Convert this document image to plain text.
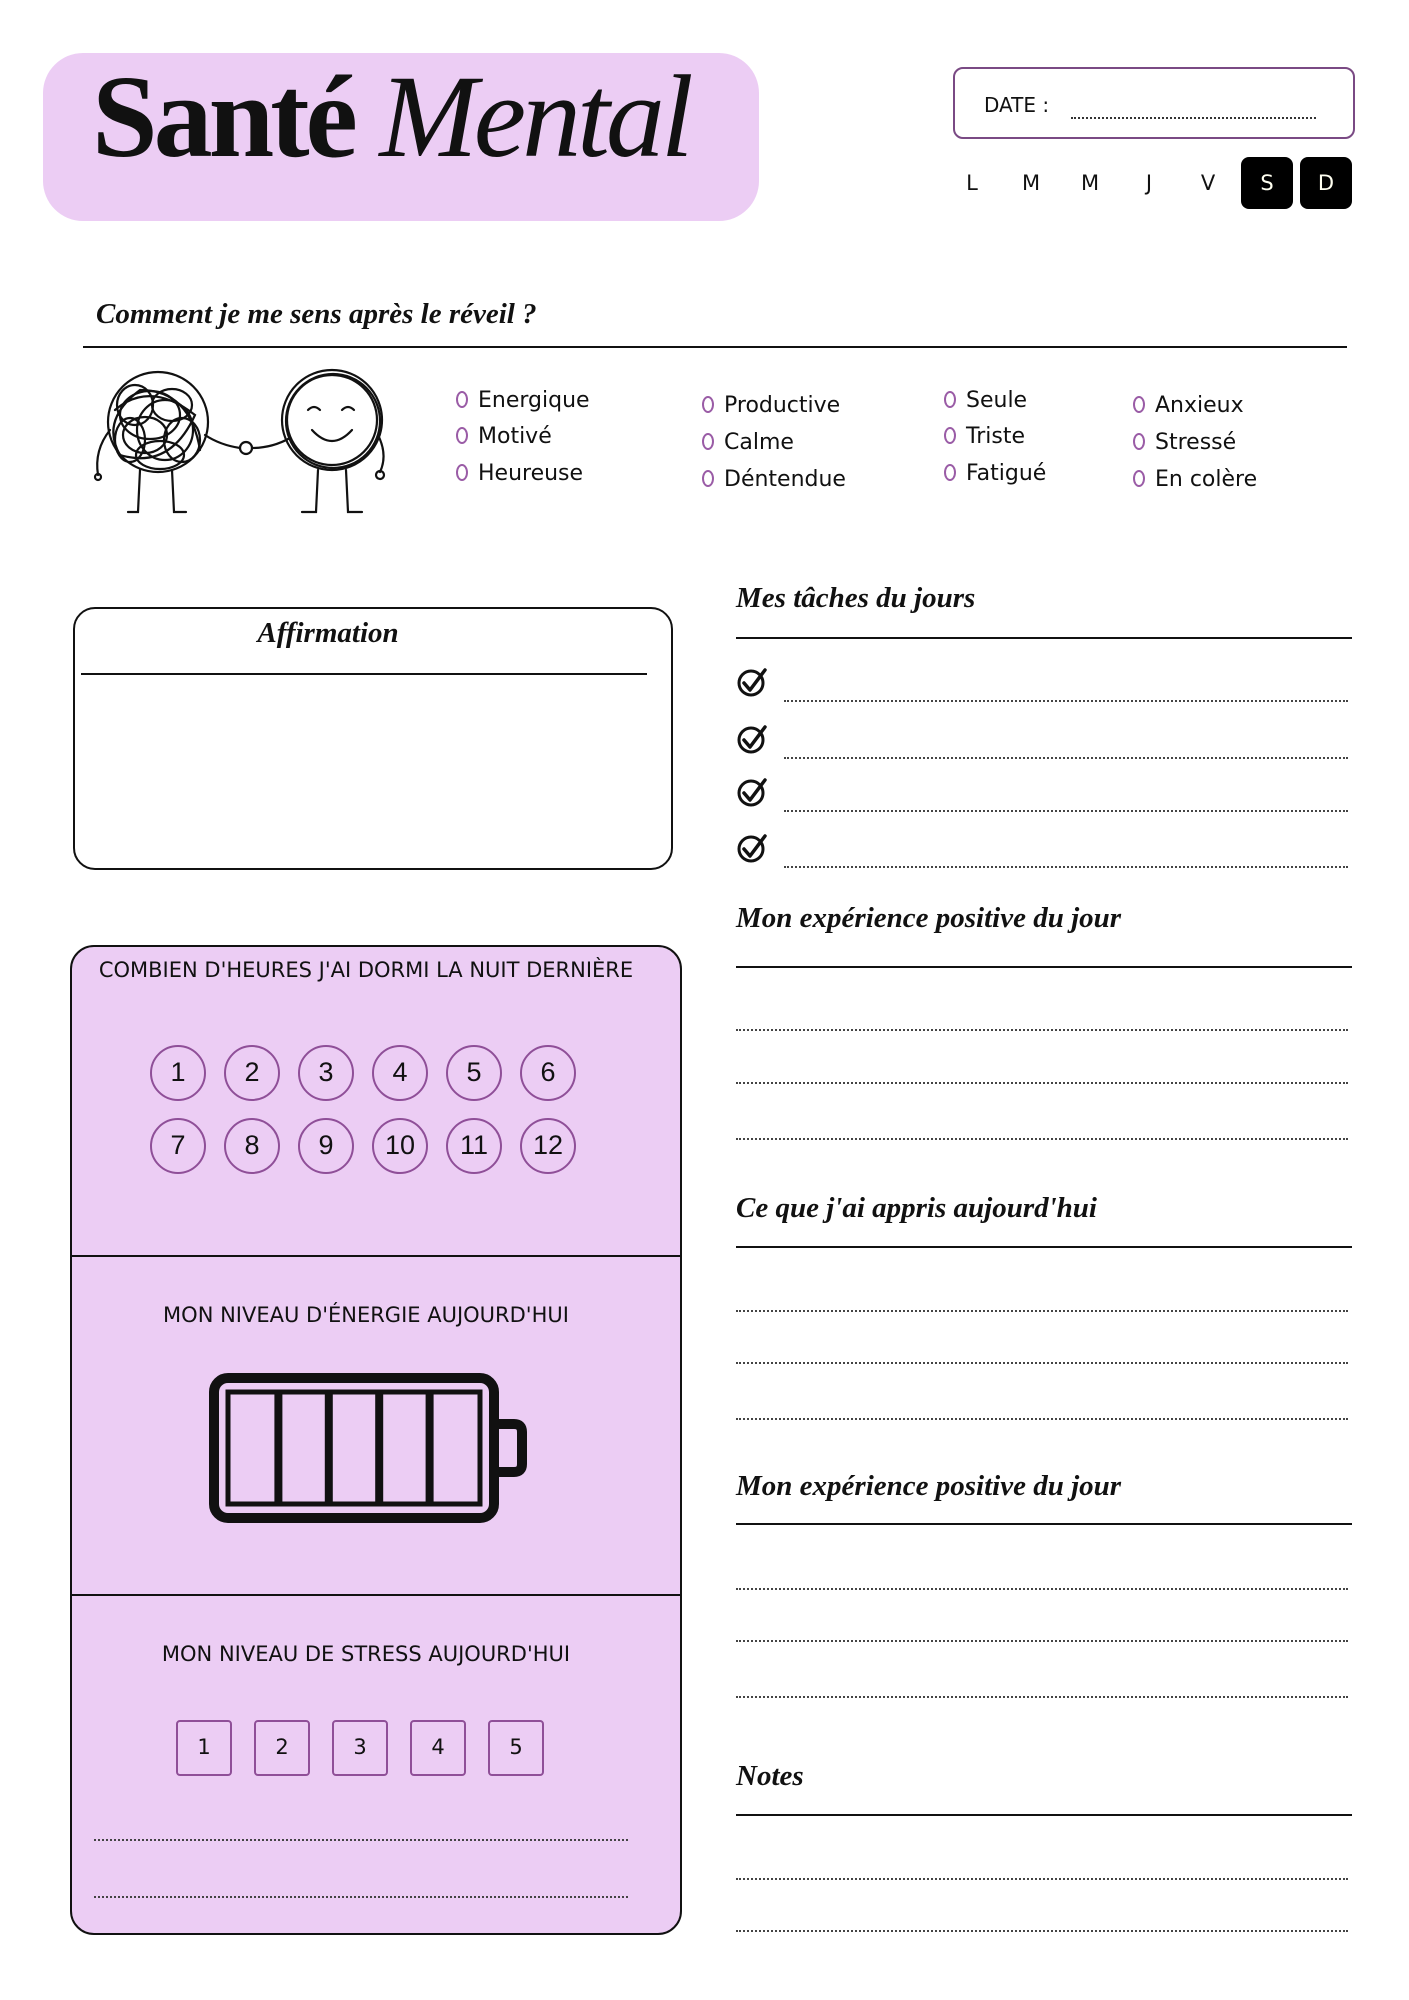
Santé Mental	DATE :
L	M	M	J	V	S	D
Comment je me sens après le réveil ?
Energique
Motivé
Heureuse
Productive
Calme
Déntendue
Seule
Triste
Fatigué
Anxieux
Stressé
En colère
Affirmation
COMBIEN D'HEURES J'AI DORMI LA NUIT DERNIÈRE
1	2	3	4	5	6
7	8	9	10	11	12
MON NIVEAU D'ÉNERGIE AUJOURD'HUI
MON NIVEAU DE STRESS AUJOURD'HUI
1	2	3	4	5
Mes tâches du jours
Mon expérience positive du jour
Ce que j'ai appris aujourd'hui
Mon expérience positive du jour
Notes
